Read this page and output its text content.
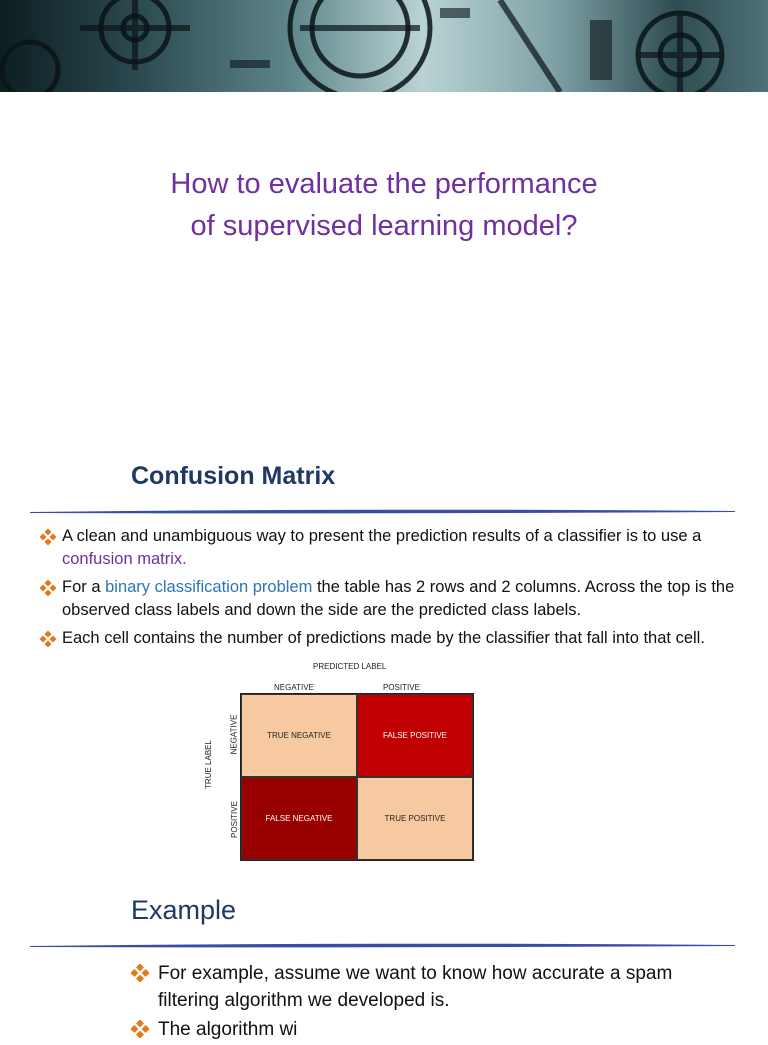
How to evaluate the performance
of supervised learning model?
Confusion Matrix
A clean and unambiguous way to present the prediction results of a classifier is to use a confusion matrix.
For a binary classification problem the table has 2 rows and 2 columns. Across the top is the observed class labels and down the side are the predicted class labels.
Each cell contains the number of predictions made by the classifier that fall into that cell.
PREDICTED LABEL
NEGATIVE	POSITIVE
TRUE LABEL
NEGATIVE
POSITIVE
TRUE NEGATIVE	FALSE POSITIVE
FALSE NEGATIVE	TRUE POSITIVE
Example
For example, assume we want to know how accurate a spam filtering algorithm we developed is.
The algorithm wi
